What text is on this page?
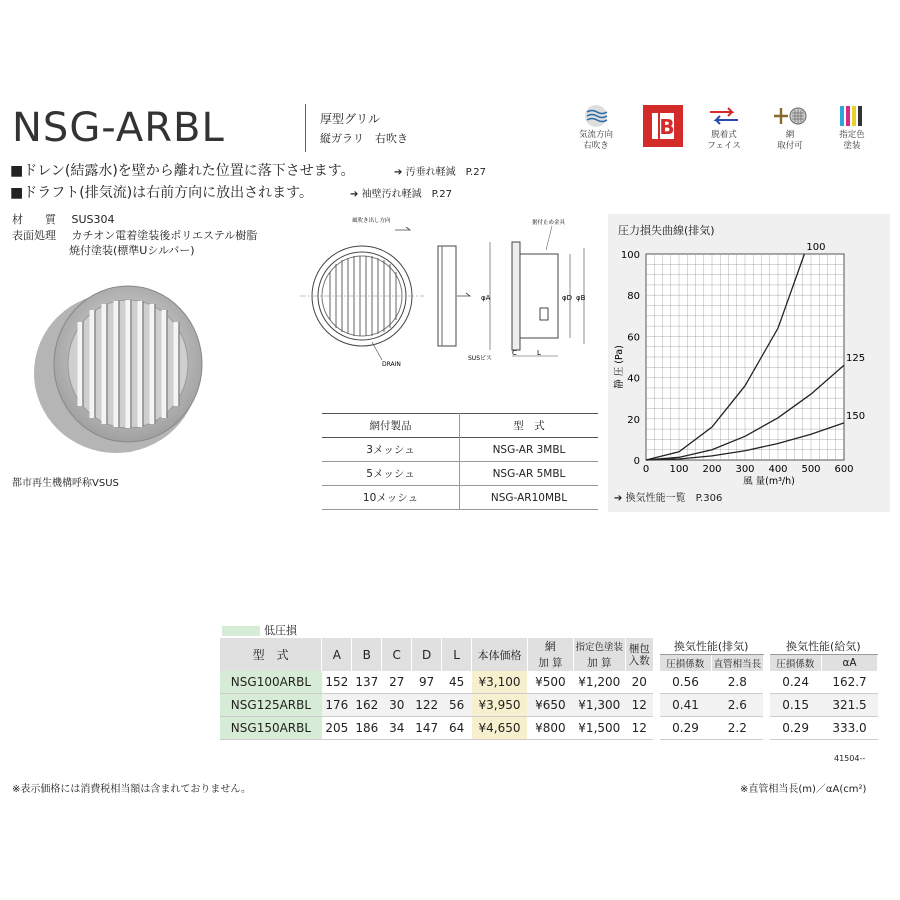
NSG-ARBL	厚型グリル
縦ガラリ　右吹き	気流方向
右吹き
B	脱着式
フェイス
網
取付可
指定色
塗装
■ドレン(結露水)を壁から離れた位置に落下させます。	➔ 汚垂れ軽減　P.27
■ドラフト(排気流)は右前方向に放出されます。	➔ 袖壁汚れ軽減　P.27
材　　質 SUS304
表面処理 カチオン電着塗装後ポリエステル樹脂
焼付塗装(標準Uシルバー)
都市再生機構呼称VSUS
風吹き出し方向
DRAIN
φA	φD φB
据付止め金具
SUSビス
C	L
網付製品	型　式
3メッシュ	NSG-AR 3MBL
5メッシュ	NSG-AR 5MBL
10メッシュ	NSG-AR10MBL
圧力損失曲線(排気)
0 100 200 300 400 500 600
0
20
40
60
80
100
風 量(m³/h)
静 圧 (Pa)
100
125
150
➔ 換気性能一覧　P.306
低圧損
型　式	A	B	C	D	L	本体価格	網	指定色塗装	梱包入数		換気性能(排気)			換気性能(給気)	
							加 算	加 算			圧損係数	直管相当長		圧損係数	αA
NSG100ARBL	152	137	27	97	45	¥3,100	¥500	¥1,200	20		0.56	2.8		0.24	162.7
NSG125ARBL	176	162	30	122	56	¥3,950	¥650	¥1,300	12		0.41	2.6		0.15	321.5
NSG150ARBL	205	186	34	147	64	¥4,650	¥800	¥1,500	12		0.29	2.2		0.29	333.0
41504--
※表示価格には消費税相当額は含まれておりません。	※直管相当長(m)／αA(cm²)
